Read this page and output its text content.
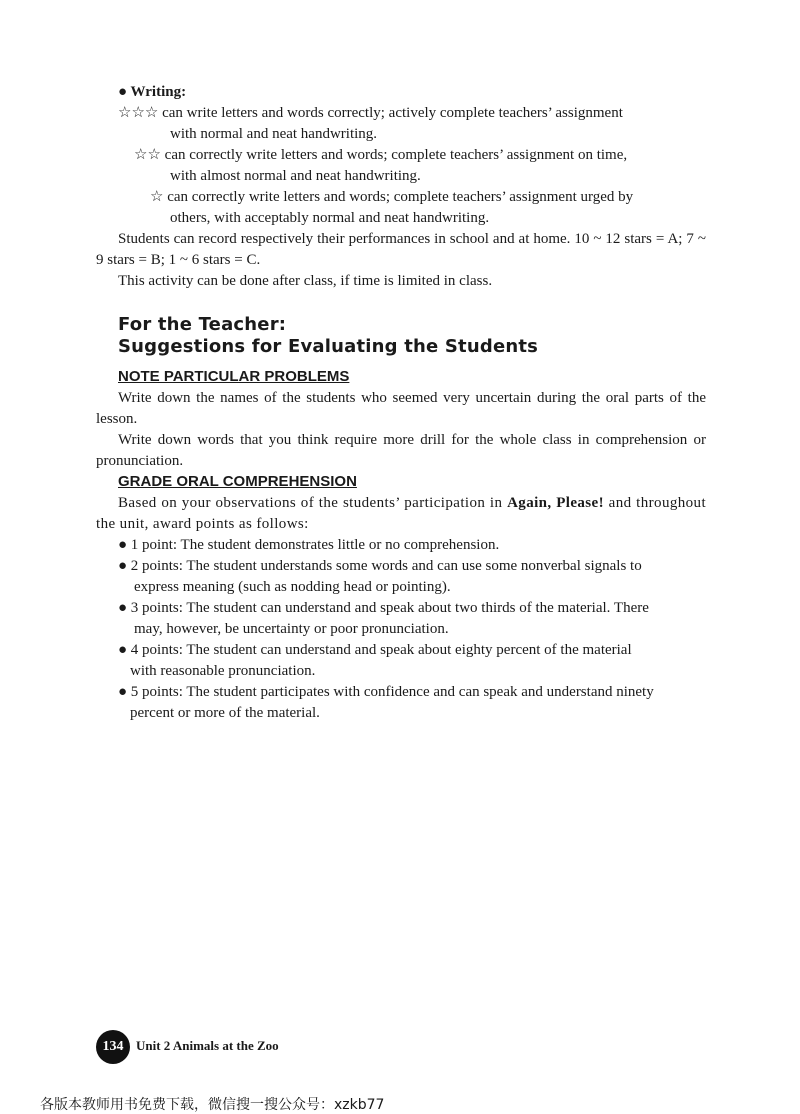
● Writing:
☆☆☆ can write letters and words correctly; actively complete teachers’ assignment
with normal and neat handwriting.
☆☆ can correctly write letters and words; complete teachers’ assignment on time,
with almost normal and neat handwriting.
☆ can correctly write letters and words; complete teachers’ assignment urged by
others, with acceptably normal and neat handwriting.
Students can record respectively their performances in school and at home. 10 ~ 12 stars = A; 7 ~ 9 stars = B; 1 ~ 6 stars = C.
This activity can be done after class, if time is limited in class.
For the Teacher:
Suggestions for Evaluating the Students
NOTE PARTICULAR PROBLEMS
Write down the names of the students who seemed very uncertain during the oral parts of the lesson.
Write down words that you think require more drill for the whole class in comprehension or pronunciation.
GRADE ORAL COMPREHENSION
Based on your observations of the students’ participation in Again, Please! and throughout the unit, award points as follows:
● 1 point: The student demonstrates little or no comprehension.
● 2 points: The student understands some words and can use some nonverbal signals to
express meaning (such as nodding head or pointing).
● 3 points: The student can understand and speak about two thirds of the material. There
may, however, be uncertainty or poor pronunciation.
● 4 points: The student can understand and speak about eighty percent of the material
with reasonable pronunciation.
● 5 points: The student participates with confidence and can speak and understand ninety
percent or more of the material.
134 Unit 2 Animals at the Zoo
各版本教师用书免费下载，微信搜一搜公众号：xzkb77
